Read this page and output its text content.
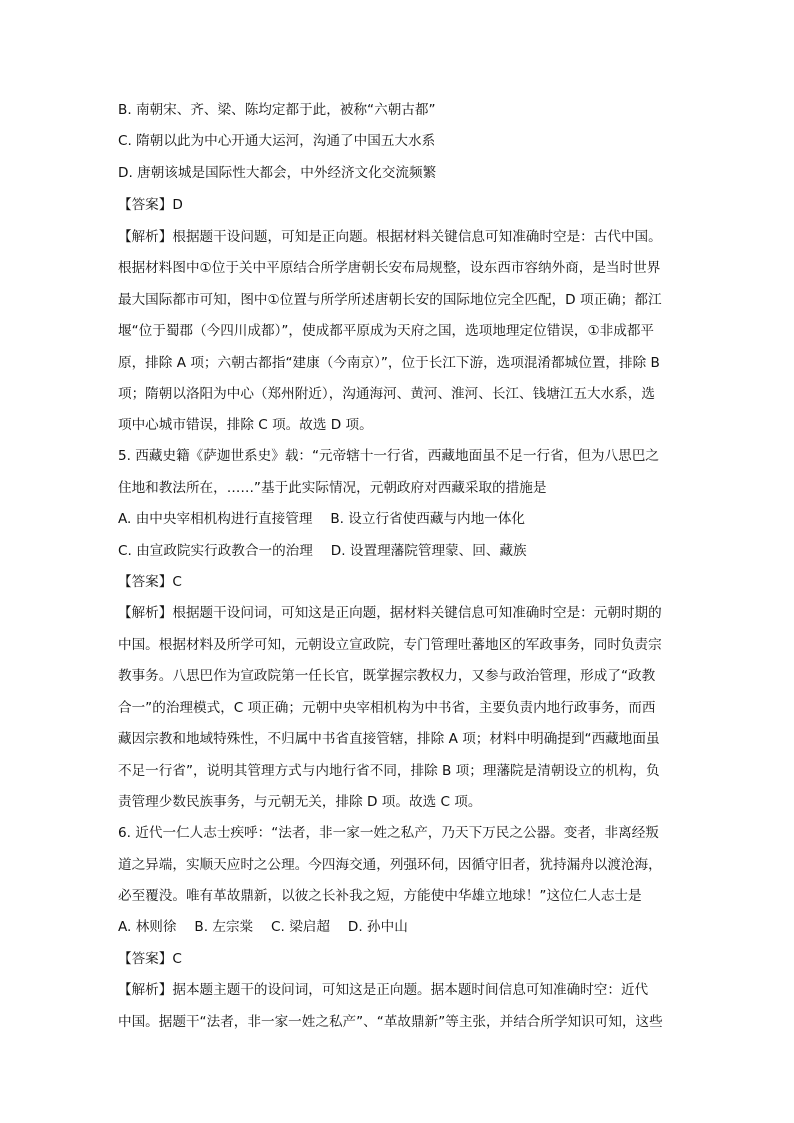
B. 南朝宋、齐、梁、陈均定都于此，被称“六朝古都”
C. 隋朝以此为中心开通大运河，沟通了中国五大水系
D. 唐朝该城是国际性大都会，中外经济文化交流频繁
【答案】D
【解析】根据题干设问题，可知是正向题。根据材料关键信息可知准确时空是：古代中国。
根据材料图中①位于关中平原结合所学唐朝长安布局规整，设东西市容纳外商，是当时世界
最大国际都市可知，图中①位置与所学所述唐朝长安的国际地位完全匹配，D 项正确；都江
堰“位于蜀郡（今四川成都）”，使成都平原成为天府之国，选项地理定位错误，①非成都平
原，排除 A 项；六朝古都指“建康（今南京）”，位于长江下游，选项混淆都城位置，排除 B
项；隋朝以洛阳为中心（郑州附近），沟通海河、黄河、淮河、长江、钱塘江五大水系，选
项中心城市错误，排除 C 项。故选 D 项。
5. 西藏史籍《萨迦世系史》载：“元帝辖十一行省，西藏地面虽不足一行省，但为八思巴之
住地和教法所在，……”基于此实际情况，元朝政府对西藏采取的措施是
A. 由中央宰相机构进行直接管理　 B. 设立行省使西藏与内地一体化
C. 由宣政院实行政教合一的治理　 D. 设置理藩院管理蒙、回、藏族
【答案】C
【解析】根据题干设问词，可知这是正向题，据材料关键信息可知准确时空是：元朝时期的
中国。根据材料及所学可知，元朝设立宣政院，专门管理吐蕃地区的军政事务，同时负责宗
教事务。八思巴作为宣政院第一任长官，既掌握宗教权力，又参与政治管理，形成了“政教
合一”的治理模式，C 项正确；元朝中央宰相机构为中书省，主要负责内地行政事务，而西
藏因宗教和地域特殊性，不归属中书省直接管辖，排除 A 项；材料中明确提到“西藏地面虽
不足一行省”，说明其管理方式与内地行省不同，排除 B 项；理藩院是清朝设立的机构，负
责管理少数民族事务，与元朝无关，排除 D 项。故选 C 项。
6. 近代一仁人志士疾呼：“法者，非一家一姓之私产，乃天下万民之公器。变者，非离经叛
道之异端，实顺天应时之公理。今四海交通，列强环伺，因循守旧者，犹持漏舟以渡沧海，
必至覆没。唯有革故鼎新，以彼之长补我之短，方能使中华雄立地球！”这位仁人志士是
A. 林则徐　 B. 左宗棠　 C. 梁启超　 D. 孙中山
【答案】C
【解析】据本题主题干的设问词，可知这是正向题。据本题时间信息可知准确时空：近代
中国。据题干“法者，非一家一姓之私产”、“革故鼎新”等主张，并结合所学知识可知，这些
